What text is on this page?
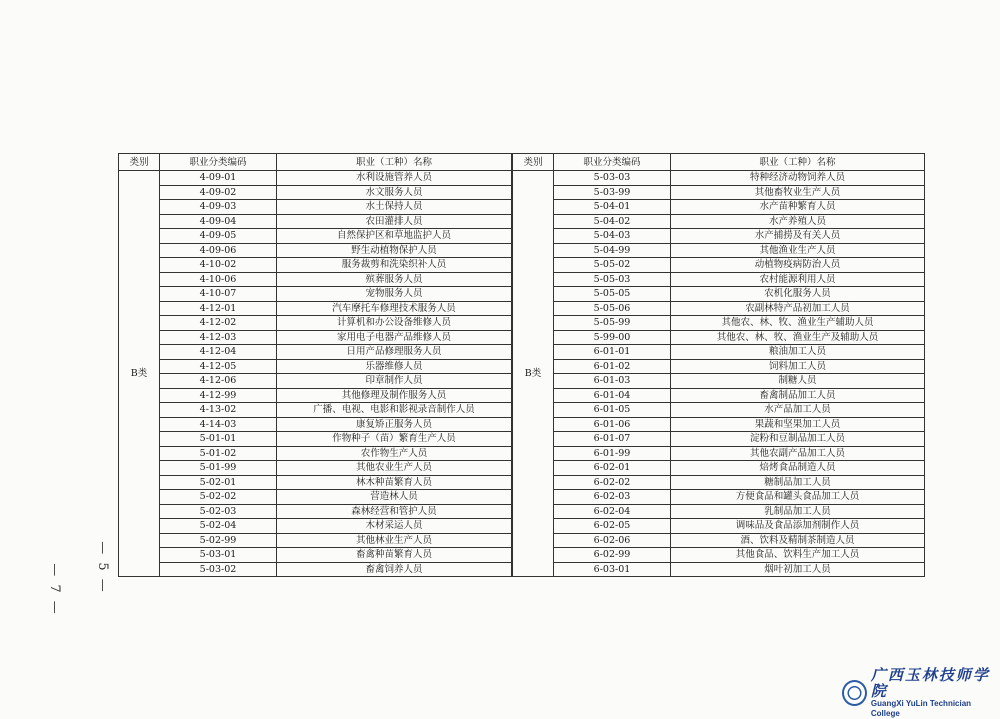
类别	职业分类编码	职业（工种）名称
B类	4-09-01	水利设施管养人员
	4-09-02	水文服务人员
	4-09-03	水土保持人员
	4-09-04	农田灌排人员
	4-09-05	自然保护区和草地监护人员
	4-09-06	野生动植物保护人员
	4-10-02	服务裁剪和洗染织补人员
	4-10-06	殡葬服务人员
	4-10-07	宠物服务人员
	4-12-01	汽车摩托车修理技术服务人员
	4-12-02	计算机和办公设备维修人员
	4-12-03	家用电子电器产品维修人员
	4-12-04	日用产品修理服务人员
	4-12-05	乐器维修人员
	4-12-06	印章制作人员
	4-12-99	其他修理及制作服务人员
	4-13-02	广播、电视、电影和影视录音制作人员
	4-14-03	康复矫正服务人员
	5-01-01	作物种子（苗）繁育生产人员
	5-01-02	农作物生产人员
	5-01-99	其他农业生产人员
	5-02-01	林木种苗繁育人员
	5-02-02	营造林人员
	5-02-03	森林经营和管护人员
	5-02-04	木材采运人员
	5-02-99	其他林业生产人员
	5-03-01	畜禽种苗繁育人员
	5-03-02	畜禽饲养人员
类别	职业分类编码	职业（工种）名称
B类	5-03-03	特种经济动物饲养人员
	5-03-99	其他畜牧业生产人员
	5-04-01	水产苗种繁育人员
	5-04-02	水产养殖人员
	5-04-03	水产捕捞及有关人员
	5-04-99	其他渔业生产人员
	5-05-02	动植物疫病防治人员
	5-05-03	农村能源利用人员
	5-05-05	农机化服务人员
	5-05-06	农副林特产品初加工人员
	5-05-99	其他农、林、牧、渔业生产辅助人员
	5-99-00	其他农、林、牧、渔业生产及辅助人员
	6-01-01	粮油加工人员
	6-01-02	饲料加工人员
	6-01-03	制糖人员
	6-01-04	畜禽制品加工人员
	6-01-05	水产品加工人员
	6-01-06	果蔬和坚果加工人员
	6-01-07	淀粉和豆制品加工人员
	6-01-99	其他农副产品加工人员
	6-02-01	焙烤食品制造人员
	6-02-02	糖制品加工人员
	6-02-03	方便食品和罐头食品加工人员
	6-02-04	乳制品加工人员
	6-02-05	调味品及食品添加剂制作人员
	6-02-06	酒、饮料及精制茶制造人员
	6-02-99	其他食品、饮料生产加工人员
	6-03-01	烟叶初加工人员
— 5 —
— 7 —
广西玉林技师学院
GuangXi YuLin Technician College
